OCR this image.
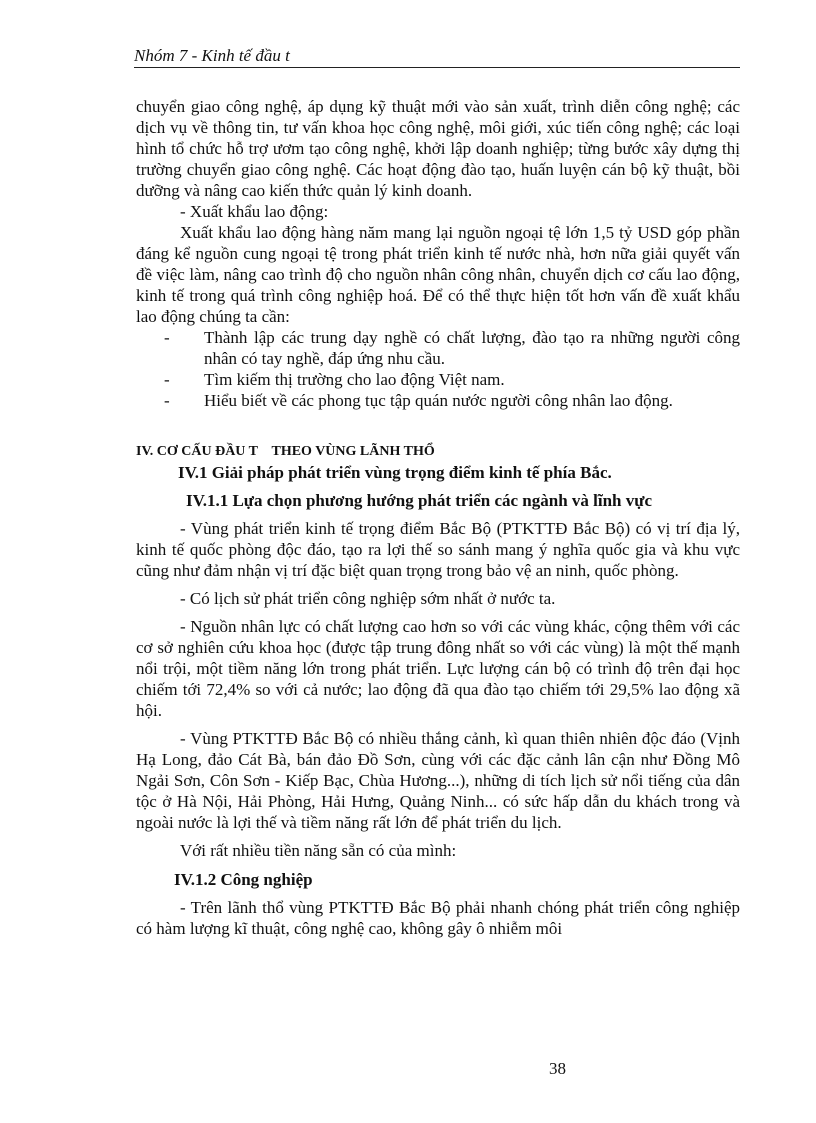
Nhóm 7 - Kinh tế đầu t

chuyển giao công nghệ, áp dụng kỹ thuật mới vào sản xuất, trình diễn công nghệ; các dịch vụ về thông tin, tư vấn khoa học công nghệ, môi giới, xúc tiến công nghệ; các loại hình tổ chức hỗ trợ ươm tạo công nghệ, khởi lập doanh nghiệp; từng bước xây dựng thị trường chuyển giao công nghệ. Các hoạt động đào tạo, huấn luyện cán bộ kỹ thuật, bồi dưỡng và nâng cao kiến thức quản lý kinh doanh.

- Xuất khẩu lao động:

Xuất khẩu lao động hàng năm mang lại nguồn ngoại tệ lớn 1,5 tỷ USD góp phần đáng kể nguồn cung ngoại tệ trong phát triển kinh tế nước nhà, hơn nữa giải quyết vấn đề việc làm, nâng cao trình độ cho nguồn nhân công nhân, chuyển dịch cơ cấu lao động, kinh tế trong quá trình công nghiệp hoá. Để có thể thực hiện tốt hơn vấn đề xuất khẩu lao động chúng ta cần:

- Thành lập các trung dạy nghề có chất lượng, đào tạo ra những người công nhân có tay nghề, đáp ứng nhu cầu.

- Tìm kiếm thị trường cho lao động Việt nam.

- Hiểu biết về các phong tục tập quán nước người công nhân lao động.

IV. CƠ CẤU ĐẦU T    THEO VÙNG LÃNH THỔ

IV.1 Giải pháp phát triển vùng trọng điểm kinh tế phía Bắc.

IV.1.1 Lựa chọn phương hướng phát triển các ngành và lĩnh vực

- Vùng phát triển kinh tế trọng điểm Bắc Bộ (PTKTTĐ Bắc Bộ) có vị trí địa lý, kinh tế quốc phòng độc đáo, tạo ra lợi thế so sánh mang ý nghĩa quốc gia và khu vực cũng như đảm nhận vị trí đặc biệt quan trọng trong bảo vệ an ninh, quốc phòng.

- Có lịch sử phát triển công nghiệp sớm nhất ở nước ta.

- Nguồn nhân lực có chất lượng cao hơn so với các vùng khác, cộng thêm với các cơ sở nghiên cứu khoa học (được tập trung đông nhất so với các vùng) là một thế mạnh nổi trội, một tiềm năng lớn trong phát triển. Lực lượng cán bộ có trình độ trên đại học chiếm tới 72,4% so với cả nước; lao động đã qua đào tạo chiếm tới 29,5% lao động xã hội.

- Vùng PTKTTĐ Bắc Bộ có nhiều thắng cảnh, kì quan thiên nhiên độc đáo (Vịnh Hạ Long, đảo Cát Bà, bán đảo Đồ Sơn, cùng với các đặc cảnh lân cận như Đồng Mô Ngải Sơn, Côn Sơn - Kiếp Bạc, Chùa Hương...), những di tích lịch sử nổi tiếng của dân tộc ở Hà Nội, Hải Phòng, Hải Hưng, Quảng Ninh... có sức hấp dẫn du khách trong và ngoài nước là lợi thế và tiềm năng rất lớn để phát triển du lịch.

Với rất nhiều tiền năng sẵn có của mình:

IV.1.2 Công nghiệp

- Trên lãnh thổ vùng PTKTTĐ Bắc Bộ phải nhanh chóng phát triển công nghiệp có hàm lượng kĩ thuật, công nghệ cao, không gây ô nhiễm môi

38
